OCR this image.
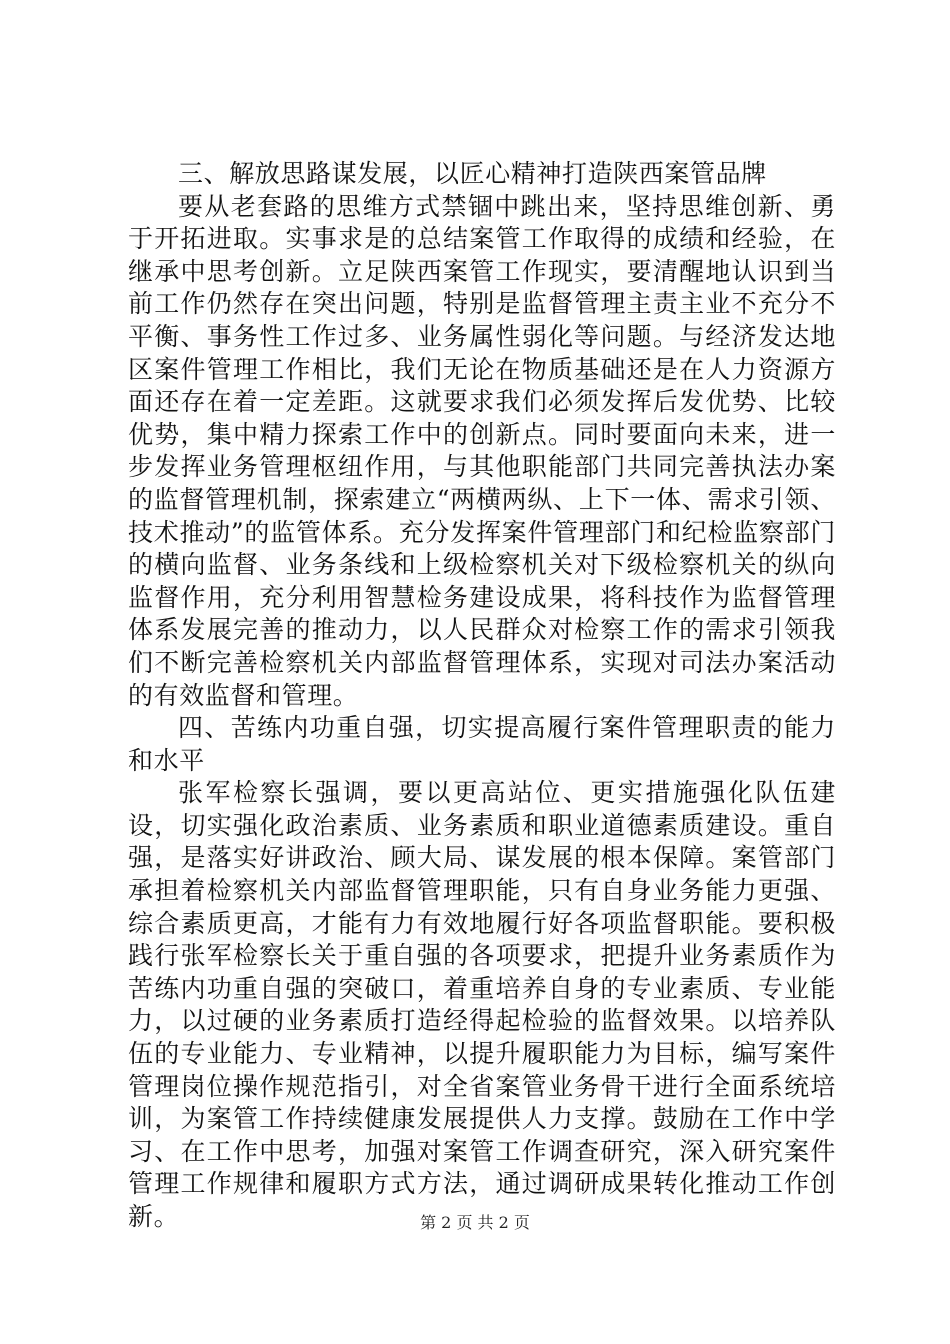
三、解放思路谋发展，以匠心精神打造陕西案管品牌

要从老套路的思维方式禁锢中跳出来，坚持思维创新、勇于开拓进取。实事求是的总结案管工作取得的成绩和经验，在继承中思考创新。立足陕西案管工作现实，要清醒地认识到当前工作仍然存在突出问题，特别是监督管理主责主业不充分不平衡、事务性工作过多、业务属性弱化等问题。与经济发达地区案件管理工作相比，我们无论在物质基础还是在人力资源方面还存在着一定差距。这就要求我们必须发挥后发优势、比较优势，集中精力探索工作中的创新点。同时要面向未来，进一步发挥业务管理枢纽作用，与其他职能部门共同完善执法办案的监督管理机制，探索建立“两横两纵、上下一体、需求引领、技术推动”的监管体系。充分发挥案件管理部门和纪检监察部门的横向监督、业务条线和上级检察机关对下级检察机关的纵向监督作用，充分利用智慧检务建设成果，将科技作为监督管理体系发展完善的推动力，以人民群众对检察工作的需求引领我们不断完善检察机关内部监督管理体系，实现对司法办案活动的有效监督和管理。

四、苦练内功重自强，切实提高履行案件管理职责的能力和水平

张军检察长强调，要以更高站位、更实措施强化队伍建设，切实强化政治素质、业务素质和职业道德素质建设。重自强，是落实好讲政治、顾大局、谋发展的根本保障。案管部门承担着检察机关内部监督管理职能，只有自身业务能力更强、综合素质更高，才能有力有效地履行好各项监督职能。要积极践行张军检察长关于重自强的各项要求，把提升业务素质作为苦练内功重自强的突破口，着重培养自身的专业素质、专业能力，以过硬的业务素质打造经得起检验的监督效果。以培养队伍的专业能力、专业精神，以提升履职能力为目标，编写案件管理岗位操作规范指引，对全省案管业务骨干进行全面系统培训，为案管工作持续健康发展提供人力支撑。鼓励在工作中学习、在工作中思考，加强对案管工作调查研究，深入研究案件管理工作规律和履职方式方法，通过调研成果转化推动工作创新。	第 2 页 共 2 页
